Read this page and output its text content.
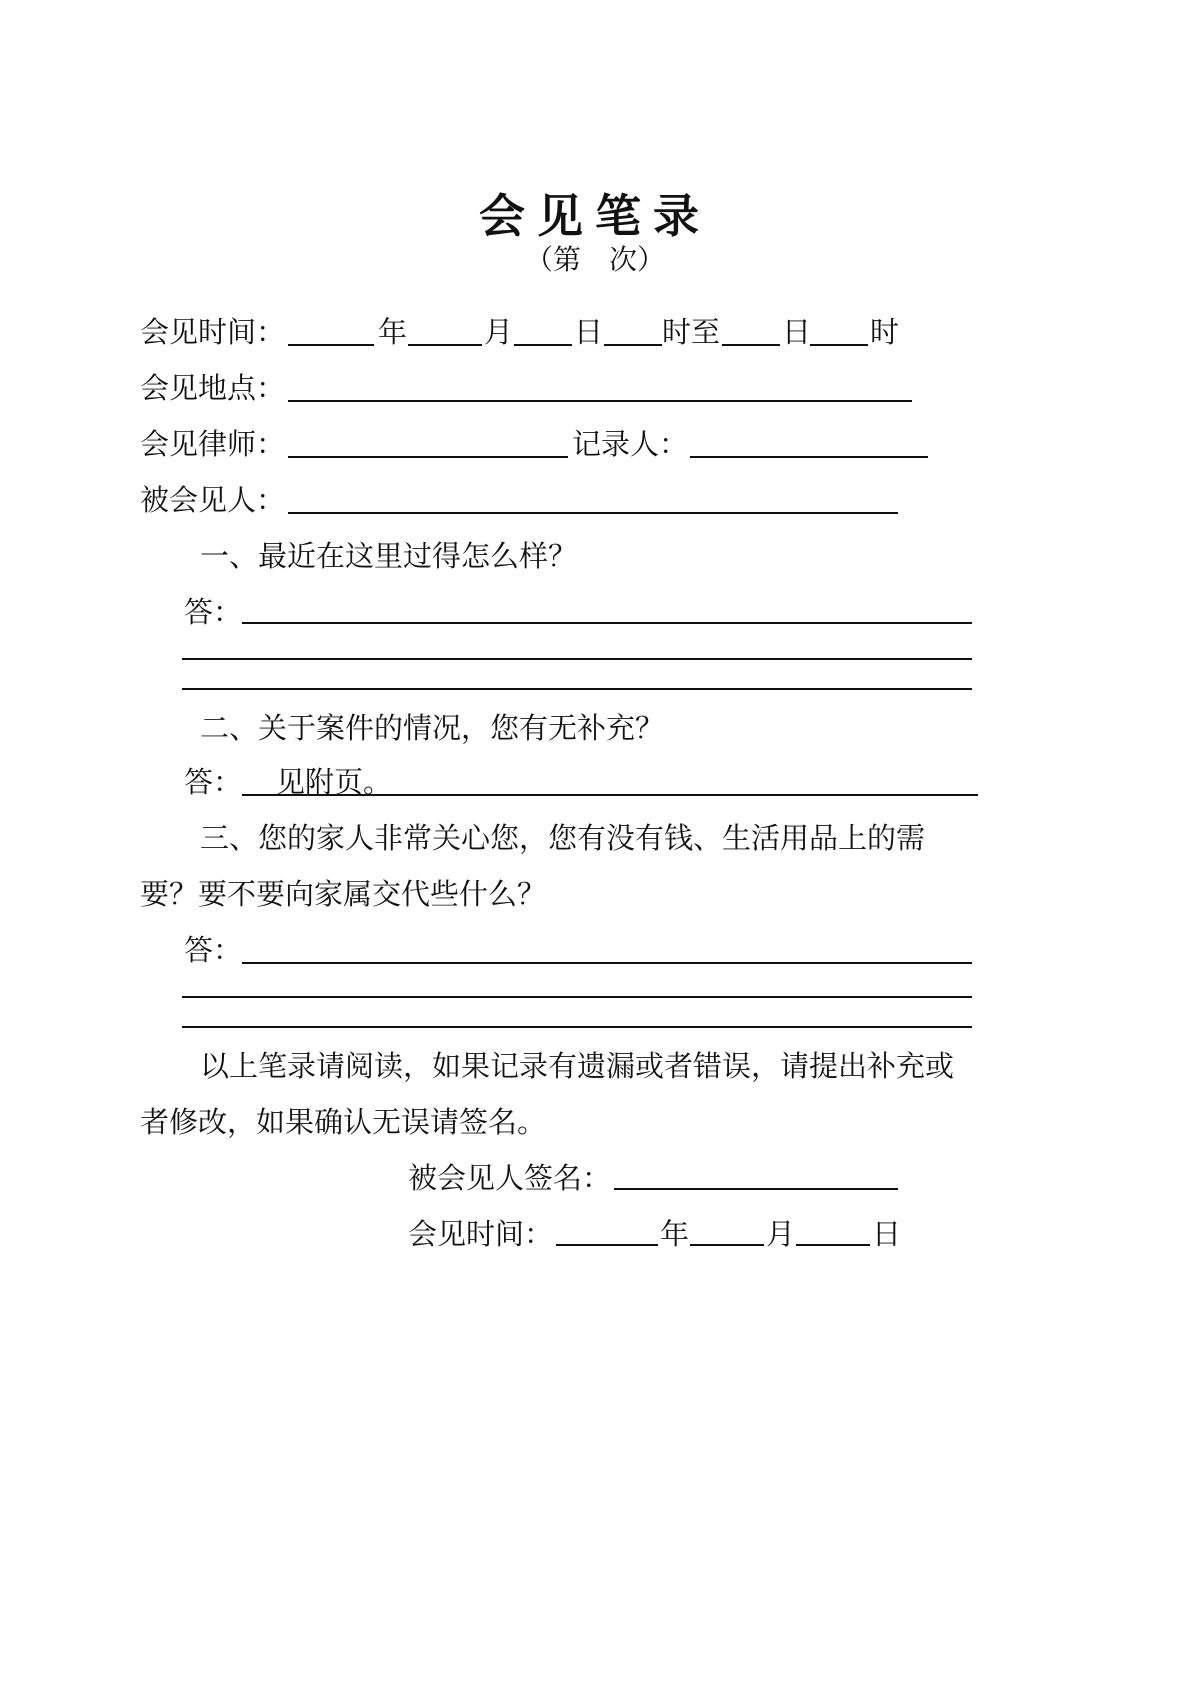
会见笔录
（第　次）
会见时间：	年	月 日 时至 日 时
会见地点：
会见律师：	记录人：
被会见人：
一、最近在这里过得怎么样？
答：
二、关于案件的情况，您有无补充？
答： 见附页。
三、您的家人非常关心您，您有没有钱、生活用品上的需
要？要不要向家属交代些什么？
答：
以上笔录请阅读，如果记录有遗漏或者错误，请提出补充或
者修改，如果确认无误请签名。
被会见人签名：
会见时间：	年	月	日
